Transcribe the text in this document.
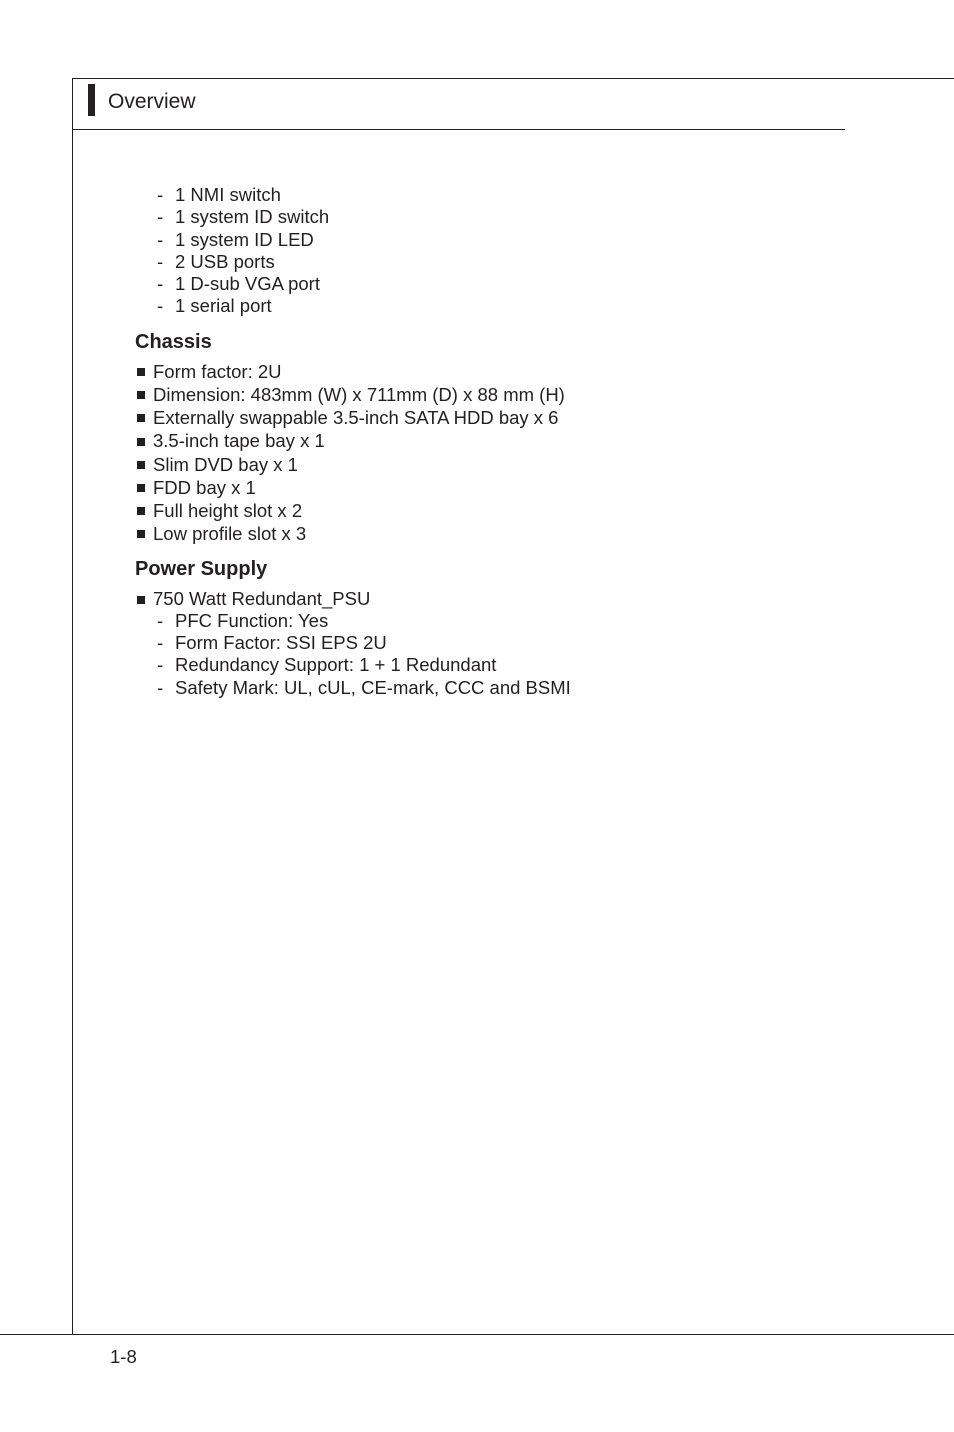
Overview
- 1 NMI switch
- 1 system ID switch
- 1 system ID LED
- 2 USB ports
- 1 D-sub VGA port
- 1 serial port
Chassis
Form factor: 2U
Dimension: 483mm (W) x 711mm (D) x 88 mm (H)
Externally swappable 3.5-inch SATA HDD bay x 6
3.5-inch tape bay x 1
Slim DVD bay x 1
FDD bay x 1
Full height slot x 2
Low profile slot x 3
Power Supply
750 Watt Redundant_PSU
- PFC Function: Yes
- Form Factor: SSI EPS 2U
- Redundancy Support: 1 + 1 Redundant
- Safety Mark: UL, cUL, CE-mark, CCC and BSMI
1-8
